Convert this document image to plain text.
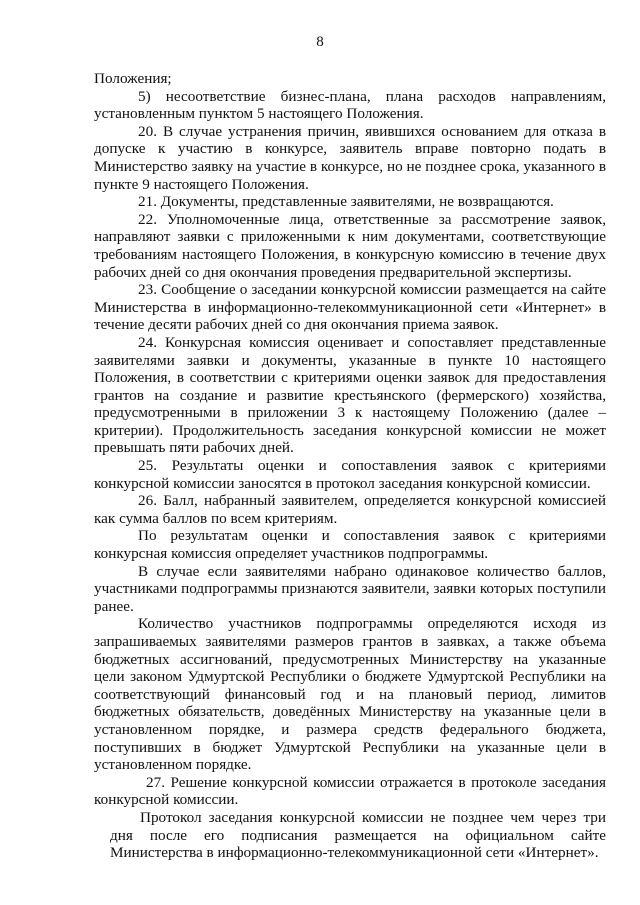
8

Положения;

5) несоответствие бизнес-плана, плана расходов направлениям, установленным пунктом 5 настоящего Положения.

20. В случае устранения причин, явившихся основанием для отказа в допуске к участию в конкурсе, заявитель вправе повторно подать в Министерство заявку на участие в конкурсе, но не позднее срока, указанного в пункте 9 настоящего Положения.

21. Документы, представленные заявителями, не возвращаются.

22. Уполномоченные лица, ответственные за рассмотрение заявок, направляют заявки с приложенными к ним документами, соответствующие требованиям настоящего Положения, в конкурсную комиссию в течение двух рабочих дней со дня окончания проведения предварительной экспертизы.

23. Сообщение о заседании конкурсной комиссии размещается на сайте Министерства в информационно-телекоммуникационной сети «Интернет» в течение десяти рабочих дней со дня окончания приема заявок.

24. Конкурсная комиссия оценивает и сопоставляет представленные заявителями заявки и документы, указанные в пункте 10 настоящего Положения, в соответствии с критериями оценки заявок для предоставления грантов на создание и развитие крестьянского (фермерского) хозяйства, предусмотренными в приложении 3 к настоящему Положению (далее – критерии). Продолжительность заседания конкурсной комиссии не может превышать пяти рабочих дней.

25. Результаты оценки и сопоставления заявок с критериями конкурсной комиссии заносятся в протокол заседания конкурсной комиссии.

26. Балл, набранный заявителем, определяется конкурсной комиссией как сумма баллов по всем критериям.

По результатам оценки и сопоставления заявок с критериями конкурсная комиссия определяет участников подпрограммы.

В случае если заявителями набрано одинаковое количество баллов, участниками подпрограммы признаются заявители, заявки которых поступили ранее.

Количество участников подпрограммы определяются исходя из запрашиваемых заявителями размеров грантов в заявках, а также объема бюджетных ассигнований, предусмотренных Министерству на указанные цели законом Удмуртской Республики о бюджете Удмуртской Республики на соответствующий финансовый год и на плановый период, лимитов бюджетных обязательств, доведённых Министерству на указанные цели в установленном порядке, и размера средств федерального бюджета, поступивших в бюджет Удмуртской Республики на указанные цели в установленном порядке.

27. Решение конкурсной комиссии отражается в протоколе заседания конкурсной комиссии.

Протокол заседания конкурсной комиссии не позднее чем через три дня после его подписания размещается на официальном сайте Министерства в информационно-телекоммуникационной сети «Интернет».
